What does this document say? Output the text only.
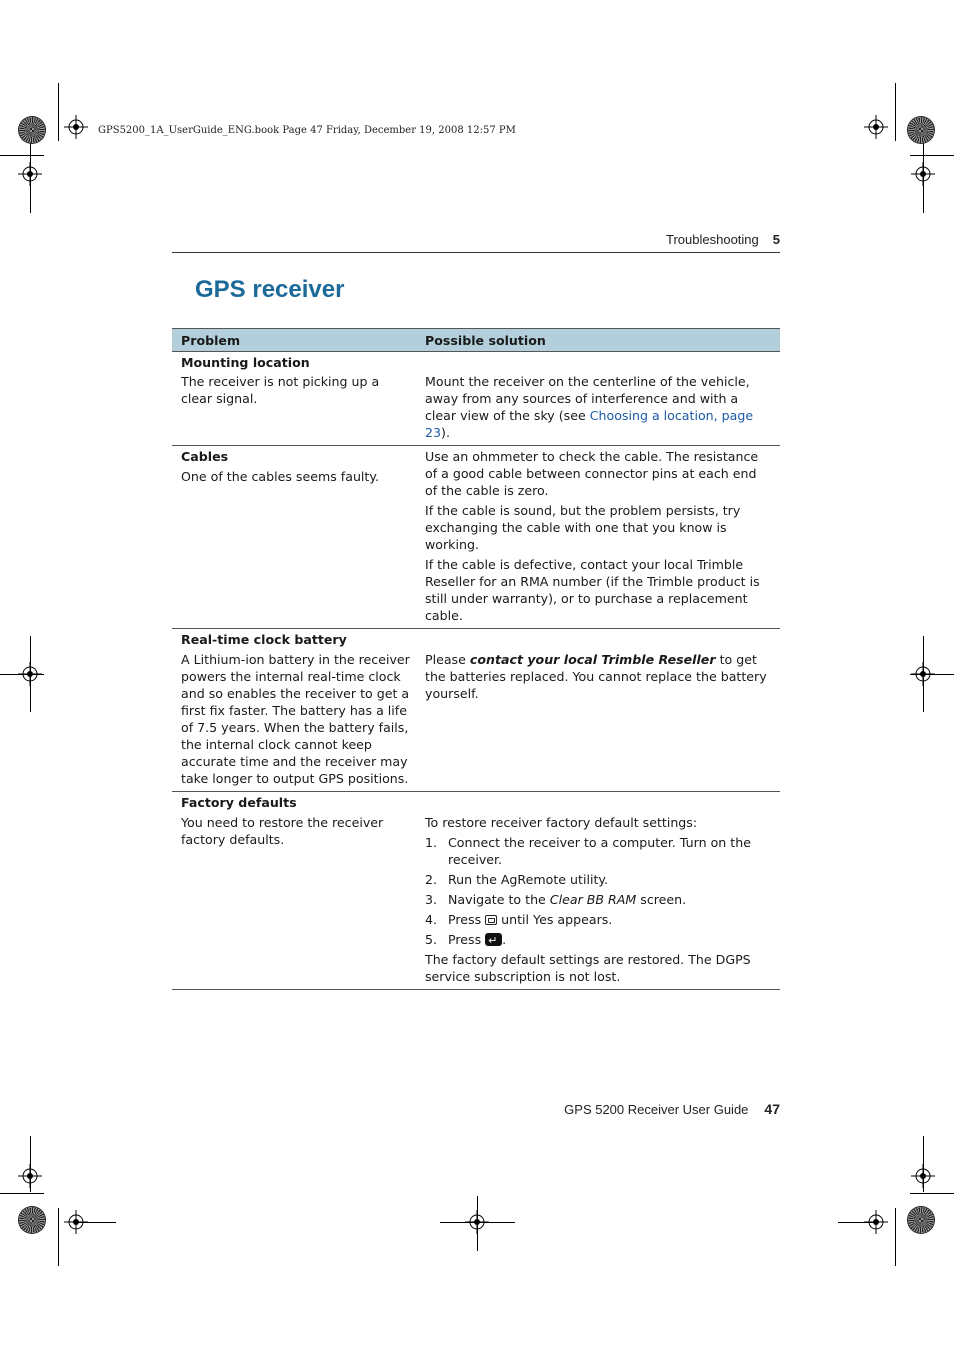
GPS5200_1A_UserGuide_ENG.book Page 47 Friday, December 19, 2008 12:57 PM
Troubleshooting 5
GPS receiver
Problem	Possible solution
Mounting location
The receiver is not picking up a clear signal.
Mount the receiver on the centerline of the vehicle, away from any sources of interference and with a clear view of the sky (see Choosing a location, page 23).
Cables
One of the cables seems faulty.

Use an ohmmeter to check the cable. The resistance of a good cable between connector pins at each end of the cable is zero.

If the cable is sound, but the problem persists, try exchanging the cable with one that you know is working.

If the cable is defective, contact your local Trimble Reseller for an RMA number (if the Trimble product is still under warranty), or to purchase a replacement cable.

Real-time clock battery
A Lithium-ion battery in the receiver powers the internal real-time clock and so enables the receiver to get a first fix faster. The battery has a life of 7.5 years. When the battery fails, the internal clock cannot keep accurate time and the receiver may take longer to output GPS positions.
Please contact your local Trimble Reseller to get the batteries replaced. You cannot replace the battery yourself.
Factory defaults
You need to restore the receiver factory defaults.

To restore receiver factory default settings:

1. Connect the receiver to a computer. Turn on the receiver.
2. Run the AgRemote utility.
3. Navigate to the Clear BB RAM screen.
4. Press  until Yes appears.
5. Press ↵.

The factory default settings are restored. The DGPS service subscription is not lost.

GPS 5200 Receiver User Guide 47
